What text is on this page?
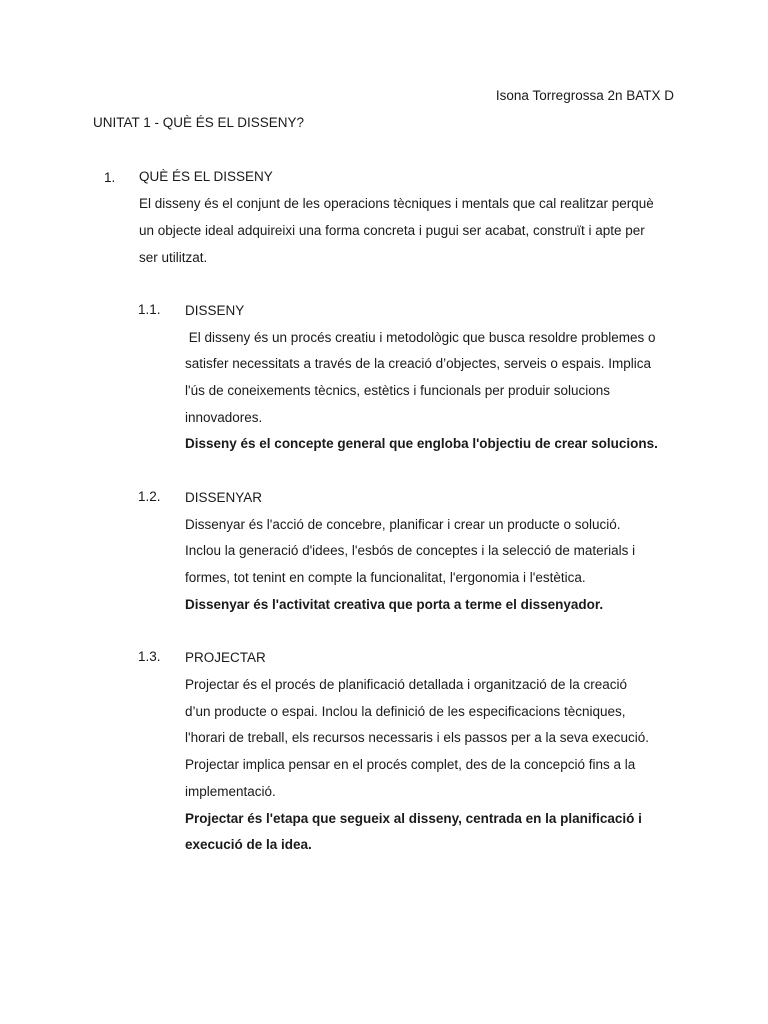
Isona Torregrossa 2n BATX D
UNITAT 1 - QUÈ ÉS EL DISSENY?
1. QUÈ ÉS EL DISSENY
El disseny és el conjunt de les operacions tècniques i mentals que cal realitzar perquè
un objecte ideal adquireixi una forma concreta i pugui ser acabat, construït i apte per
ser utilitzat.
1.1. DISSENY
El disseny és un procés creatiu i metodològic que busca resoldre problemes o
satisfer necessitats a través de la creació d’objectes, serveis o espais. Implica
l'ús de coneixements tècnics, estètics i funcionals per produir solucions
innovadores.
Disseny és el concepte general que engloba l'objectiu de crear solucions.
1.2. DISSENYAR
Dissenyar és l'acció de concebre, planificar i crear un producte o solució.
Inclou la generació d'idees, l'esbós de conceptes i la selecció de materials i
formes, tot tenint en compte la funcionalitat, l'ergonomia i l'estètica.
Dissenyar és l'activitat creativa que porta a terme el dissenyador.
1.3. PROJECTAR
Projectar és el procés de planificació detallada i organització de la creació
d’un producte o espai. Inclou la definició de les especificacions tècniques,
l'horari de treball, els recursos necessaris i els passos per a la seva execució.
Projectar implica pensar en el procés complet, des de la concepció fins a la
implementació.
Projectar és l'etapa que segueix al disseny, centrada en la planificació i
execució de la idea.
